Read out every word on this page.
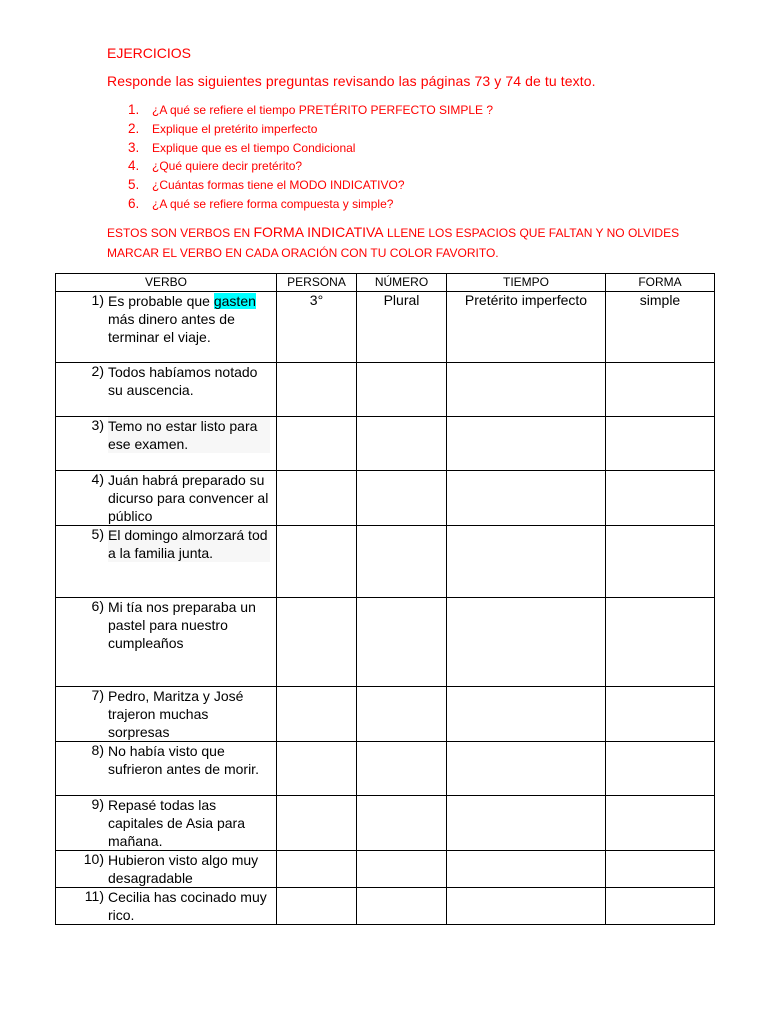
EJERCICIOS
Responde las siguientes preguntas revisando las páginas 73 y 74 de tu texto.
1. ¿A qué se refiere el tiempo PRETÉRITO PERFECTO SIMPLE ?
2. Explique el pretérito imperfecto
3. Explique que es el tiempo Condicional
4. ¿Qué quiere decir pretérito?
5. ¿Cuántas formas tiene el MODO INDICATIVO?
6. ¿A qué se refiere forma compuesta y simple?
ESTOS SON VERBOS EN FORMA INDICATIVA LLENE LOS ESPACIOS QUE FALTAN Y NO OLVIDES MARCAR EL VERBO EN CADA ORACIÓN CON TU COLOR FAVORITO.
VERBO	PERSONA	NÚMERO	TIEMPO	FORMA
1) Es probable que gasten más dinero antes de terminar el viaje.	3°	Plural	Pretérito imperfecto	simple
2) Todos habíamos notado su auscencia.				
3) Temo no estar listo para ese examen.				
4) Juán habrá preparado su dicurso para convencer al público				
5) El domingo almorzará tod a la familia junta.				
6) Mi tía nos preparaba un pastel para nuestro cumpleaños				
7) Pedro, Maritza y José trajeron muchas sorpresas				
8) No había visto que sufrieron antes de morir.				
9) Repasé todas las capitales de Asia para mañana.				
10) Hubieron visto algo muy desagradable				
11) Cecilia has cocinado muy rico.				
